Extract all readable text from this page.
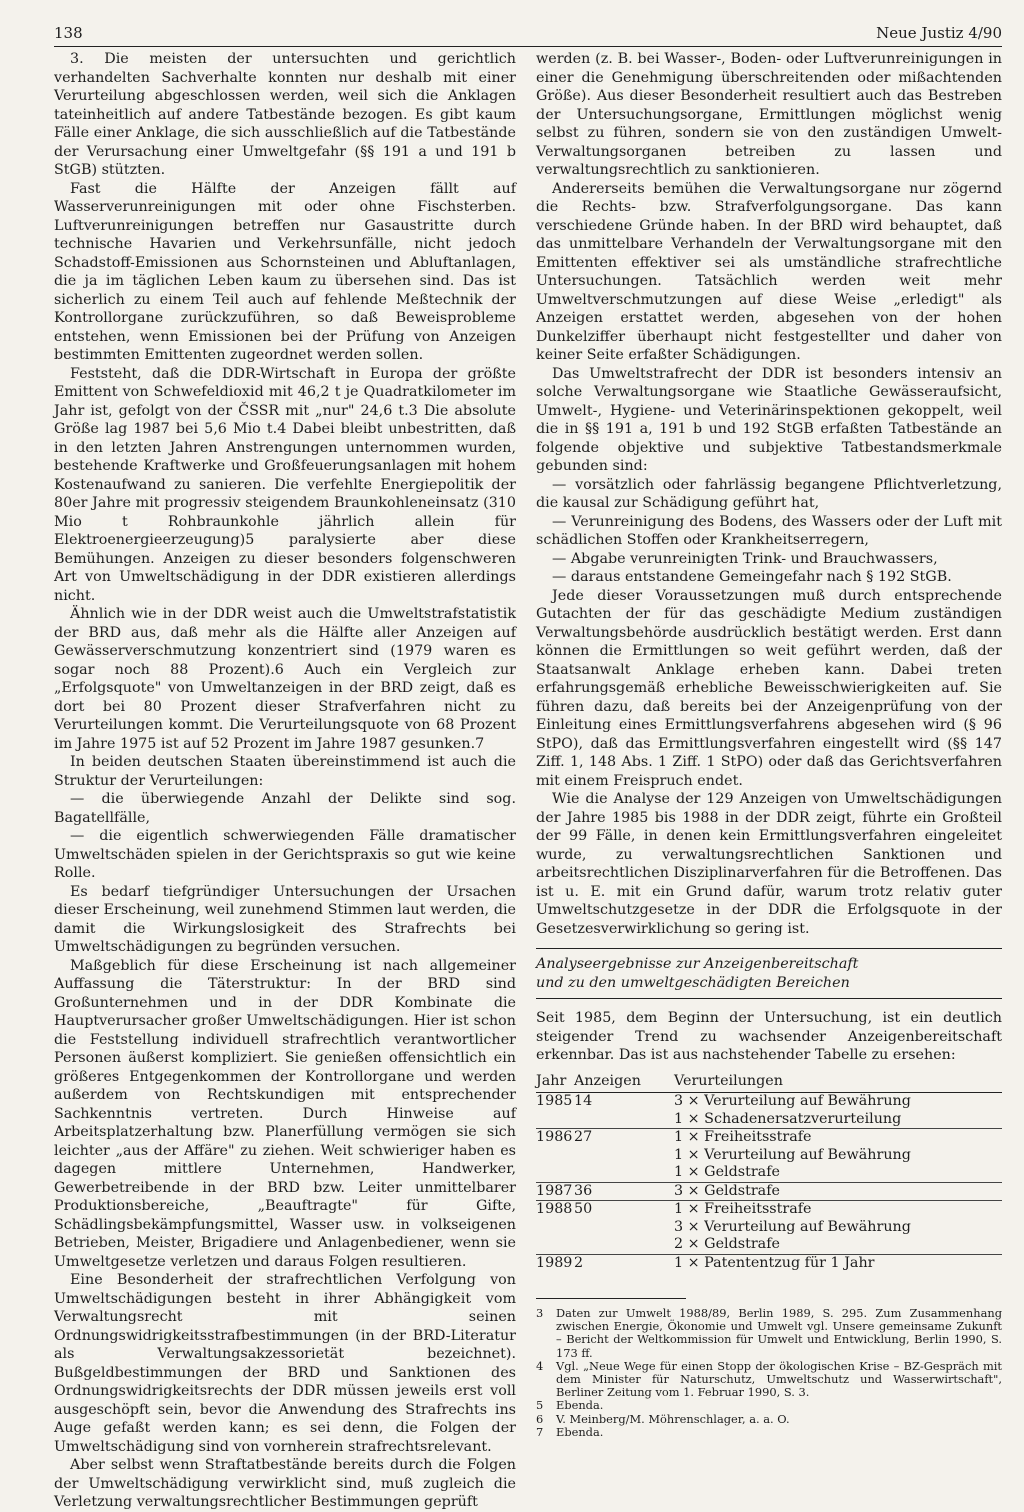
138	Neue Justiz 4/90

3. Die meisten der untersuchten und gerichtlich verhandelten Sachverhalte konnten nur deshalb mit einer Verurteilung abgeschlossen werden, weil sich die Anklagen tateinheitlich auf andere Tatbestände bezogen. Es gibt kaum Fälle einer Anklage, die sich ausschließlich auf die Tatbestände der Verursachung einer Umweltgefahr (§§ 191 a und 191 b StGB) stützten.

Fast die Hälfte der Anzeigen fällt auf Wasserverunreinigungen mit oder ohne Fischsterben. Luftverunreinigungen betreffen nur Gasaustritte durch technische Havarien und Verkehrsunfälle, nicht jedoch Schadstoff-Emissionen aus Schornsteinen und Abluftanlagen, die ja im täglichen Leben kaum zu übersehen sind. Das ist sicherlich zu einem Teil auch auf fehlende Meßtechnik der Kontrollorgane zurückzuführen, so daß Beweisprobleme entstehen, wenn Emissionen bei der Prüfung von Anzeigen bestimmten Emittenten zugeordnet werden sollen.

Feststeht, daß die DDR-Wirtschaft in Europa der größte Emittent von Schwefeldioxid mit 46,2 t je Quadratkilometer im Jahr ist, gefolgt von der ČSSR mit „nur" 24,6 t.3 Die absolute Größe lag 1987 bei 5,6 Mio t.4 Dabei bleibt unbestritten, daß in den letzten Jahren Anstrengungen unternommen wurden, bestehende Kraftwerke und Großfeuerungsanlagen mit hohem Kostenaufwand zu sanieren. Die verfehlte Energiepolitik der 80er Jahre mit progressiv steigendem Braunkohleneinsatz (310 Mio t Rohbraunkohle jährlich allein für Elektroenergieerzeugung)5 paralysierte aber diese Bemühungen. Anzeigen zu dieser besonders folgenschweren Art von Umweltschädigung in der DDR existieren allerdings nicht.

Ähnlich wie in der DDR weist auch die Umweltstrafstatistik der BRD aus, daß mehr als die Hälfte aller Anzeigen auf Gewässerverschmutzung konzentriert sind (1979 waren es sogar noch 88 Prozent).6 Auch ein Vergleich zur „Erfolgsquote" von Umweltanzeigen in der BRD zeigt, daß es dort bei 80 Prozent dieser Strafverfahren nicht zu Verurteilungen kommt. Die Verurteilungsquote von 68 Prozent im Jahre 1975 ist auf 52 Prozent im Jahre 1987 gesunken.7

In beiden deutschen Staaten übereinstimmend ist auch die Struktur der Verurteilungen:

— die überwiegende Anzahl der Delikte sind sog. Bagatellfälle,

— die eigentlich schwerwiegenden Fälle dramatischer Umweltschäden spielen in der Gerichtspraxis so gut wie keine Rolle.

Es bedarf tiefgründiger Untersuchungen der Ursachen dieser Erscheinung, weil zunehmend Stimmen laut werden, die damit die Wirkungslosigkeit des Strafrechts bei Umweltschädigungen zu begründen versuchen.

Maßgeblich für diese Erscheinung ist nach allgemeiner Auffassung die Täterstruktur: In der BRD sind Großunternehmen und in der DDR Kombinate die Hauptverursacher großer Umweltschädigungen. Hier ist schon die Feststellung individuell strafrechtlich verantwortlicher Personen äußerst kompliziert. Sie genießen offensichtlich ein größeres Entgegenkommen der Kontrollorgane und werden außerdem von Rechtskundigen mit entsprechender Sachkenntnis vertreten. Durch Hinweise auf Arbeitsplatzerhaltung bzw. Planerfüllung vermögen sie sich leichter „aus der Affäre" zu ziehen. Weit schwieriger haben es dagegen mittlere Unternehmen, Handwerker, Gewerbetreibende in der BRD bzw. Leiter unmittelbarer Produktionsbereiche, „Beauftragte" für Gifte, Schädlingsbekämpfungsmittel, Wasser usw. in volkseigenen Betrieben, Meister, Brigadiere und Anlagenbediener, wenn sie Umweltgesetze verletzen und daraus Folgen resultieren.

Eine Besonderheit der strafrechtlichen Verfolgung von Umweltschädigungen besteht in ihrer Abhängigkeit vom Verwaltungsrecht mit seinen Ordnungswidrigkeitsstrafbestimmungen (in der BRD-Literatur als Verwaltungsakzessorietät bezeichnet). Bußgeldbestimmungen der BRD und Sanktionen des Ordnungswidrigkeitsrechts der DDR müssen jeweils erst voll ausgeschöpft sein, bevor die Anwendung des Strafrechts ins Auge gefaßt werden kann; es sei denn, die Folgen der Umweltschädigung sind von vornherein strafrechtsrelevant.

Aber selbst wenn Straftatbestände bereits durch die Folgen der Umweltschädigung verwirklicht sind, muß zugleich die Verletzung verwaltungsrechtlicher Bestimmungen geprüft

werden (z. B. bei Wasser-, Boden- oder Luftverunreinigungen in einer die Genehmigung überschreitenden oder mißachtenden Größe). Aus dieser Besonderheit resultiert auch das Bestreben der Untersuchungsorgane, Ermittlungen möglichst wenig selbst zu führen, sondern sie von den zuständigen Umwelt-Verwaltungsorganen betreiben zu lassen und verwaltungsrechtlich zu sanktionieren.

Andererseits bemühen die Verwaltungsorgane nur zögernd die Rechts- bzw. Strafverfolgungsorgane. Das kann verschiedene Gründe haben. In der BRD wird behauptet, daß das unmittelbare Verhandeln der Verwaltungsorgane mit den Emittenten effektiver sei als umständliche strafrechtliche Untersuchungen. Tatsächlich werden weit mehr Umweltverschmutzungen auf diese Weise „erledigt" als Anzeigen erstattet werden, abgesehen von der hohen Dunkelziffer überhaupt nicht festgestellter und daher von keiner Seite erfaßter Schädigungen.

Das Umweltstrafrecht der DDR ist besonders intensiv an solche Verwaltungsorgane wie Staatliche Gewässeraufsicht, Umwelt-, Hygiene- und Veterinärinspektionen gekoppelt, weil die in §§ 191 a, 191 b und 192 StGB erfaßten Tatbestände an folgende objektive und subjektive Tatbestandsmerkmale gebunden sind:

— vorsätzlich oder fahrlässig begangene Pflichtverletzung, die kausal zur Schädigung geführt hat,

— Verunreinigung des Bodens, des Wassers oder der Luft mit schädlichen Stoffen oder Krankheitserregern,

— Abgabe verunreinigten Trink- und Brauchwassers,

— daraus entstandene Gemeingefahr nach § 192 StGB.

Jede dieser Voraussetzungen muß durch entsprechende Gutachten der für das geschädigte Medium zuständigen Verwaltungsbehörde ausdrücklich bestätigt werden. Erst dann können die Ermittlungen so weit geführt werden, daß der Staatsanwalt Anklage erheben kann. Dabei treten erfahrungsgemäß erhebliche Beweisschwierigkeiten auf. Sie führen dazu, daß bereits bei der Anzeigenprüfung von der Einleitung eines Ermittlungsverfahrens abgesehen wird (§ 96 StPO), daß das Ermittlungsverfahren eingestellt wird (§§ 147 Ziff. 1, 148 Abs. 1 Ziff. 1 StPO) oder daß das Gerichtsverfahren mit einem Freispruch endet.

Wie die Analyse der 129 Anzeigen von Umweltschädigungen der Jahre 1985 bis 1988 in der DDR zeigt, führte ein Großteil der 99 Fälle, in denen kein Ermittlungsverfahren eingeleitet wurde, zu verwaltungsrechtlichen Sanktionen und arbeitsrechtlichen Disziplinarverfahren für die Betroffenen. Das ist u. E. mit ein Grund dafür, warum trotz relativ guter Umweltschutzgesetze in der DDR die Erfolgsquote in der Gesetzesverwirklichung so gering ist.

Analyseergebnisse zur Anzeigenbereitschaft

und zu den umweltgeschädigten Bereichen

Seit 1985, dem Beginn der Untersuchung, ist ein deutlich steigender Trend zu wachsender Anzeigenbereitschaft erkennbar. Das ist aus nachstehender Tabelle zu ersehen:

Jahr	Anzeigen	Verurteilungen
1985	14	3 ⨯ Verurteilung auf Bewährung
		1 ⨯ Schadenersatzverurteilung
1986	27	1 ⨯ Freiheitsstrafe
		1 ⨯ Verurteilung auf Bewährung
		1 ⨯ Geldstrafe
1987	36	3 ⨯ Geldstrafe
1988	50	1 ⨯ Freiheitsstrafe
		3 ⨯ Verurteilung auf Bewährung
		2 ⨯ Geldstrafe
1989	2	1 ⨯ Patententzug für 1 Jahr
3	Daten zur Umwelt 1988/89, Berlin 1989, S. 295. Zum Zusammenhang zwischen Energie, Ökonomie und Umwelt vgl. Unsere gemeinsame Zukunft – Bericht der Weltkommission für Umwelt und Entwicklung, Berlin 1990, S. 173 ff.
4	Vgl. „Neue Wege für einen Stopp der ökologischen Krise – BZ-Gespräch mit dem Minister für Naturschutz, Umweltschutz und Wasserwirtschaft", Berliner Zeitung vom 1. Februar 1990, S. 3.
5	Ebenda.
6	V. Meinberg/M. Möhrenschlager, a. a. O.
7	Ebenda.
